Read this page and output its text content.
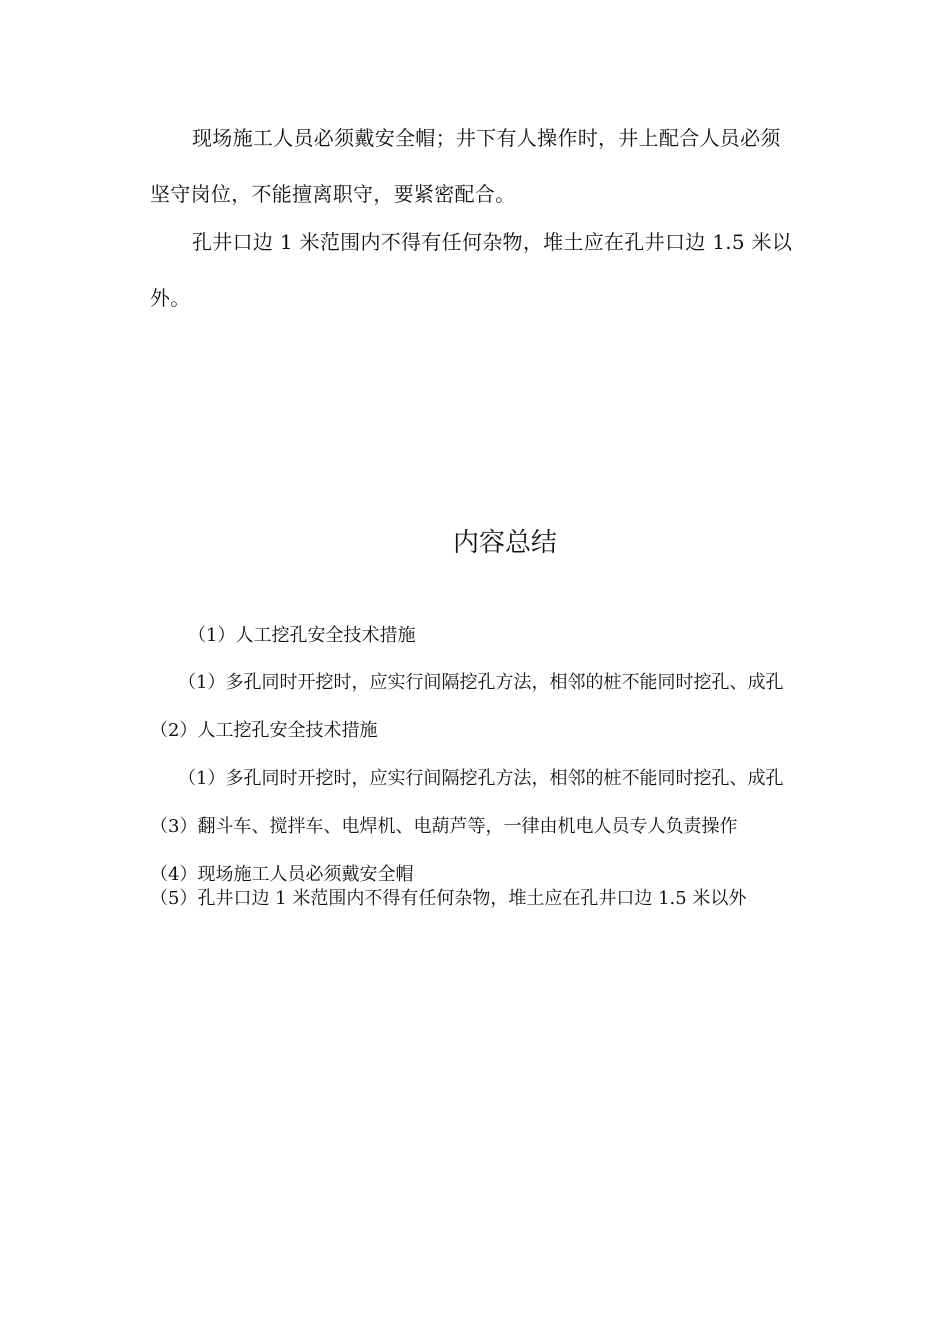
现场施工人员必须戴安全帽；井下有人操作时，井上配合人员必须坚守岗位，不能擅离职守，要紧密配合。

孔井口边 1 米范围内不得有任何杂物，堆土应在孔井口边 1.5 米以外。

内容总结

（1）人工挖孔安全技术措施

（1）多孔同时开挖时，应实行间隔挖孔方法，相邻的桩不能同时挖孔、成孔

（2）人工挖孔安全技术措施

（1）多孔同时开挖时，应实行间隔挖孔方法，相邻的桩不能同时挖孔、成孔

（3）翻斗车、搅拌车、电焊机、电葫芦等，一律由机电人员专人负责操作

（4）现场施工人员必须戴安全帽

（5）孔井口边 1 米范围内不得有任何杂物，堆土应在孔井口边 1.5 米以外
